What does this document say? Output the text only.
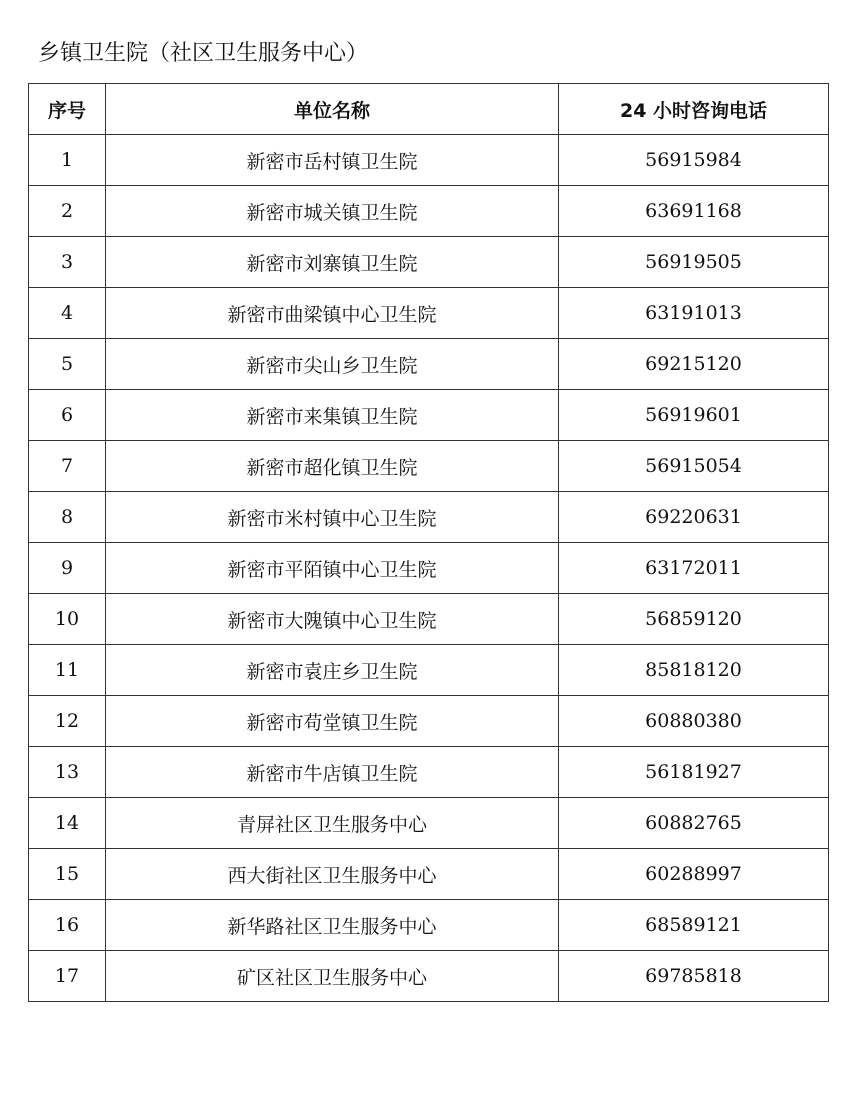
乡镇卫生院（社区卫生服务中心）
序号	单位名称	24 小时咨询电话
1	新密市岳村镇卫生院	56915984
2	新密市城关镇卫生院	63691168
3	新密市刘寨镇卫生院	56919505
4	新密市曲梁镇中心卫生院	63191013
5	新密市尖山乡卫生院	69215120
6	新密市来集镇卫生院	56919601
7	新密市超化镇卫生院	56915054
8	新密市米村镇中心卫生院	69220631
9	新密市平陌镇中心卫生院	63172011
10	新密市大隗镇中心卫生院	56859120
11	新密市袁庄乡卫生院	85818120
12	新密市苟堂镇卫生院	60880380
13	新密市牛店镇卫生院	56181927
14	青屏社区卫生服务中心	60882765
15	西大街社区卫生服务中心	60288997
16	新华路社区卫生服务中心	68589121
17	矿区社区卫生服务中心	69785818
